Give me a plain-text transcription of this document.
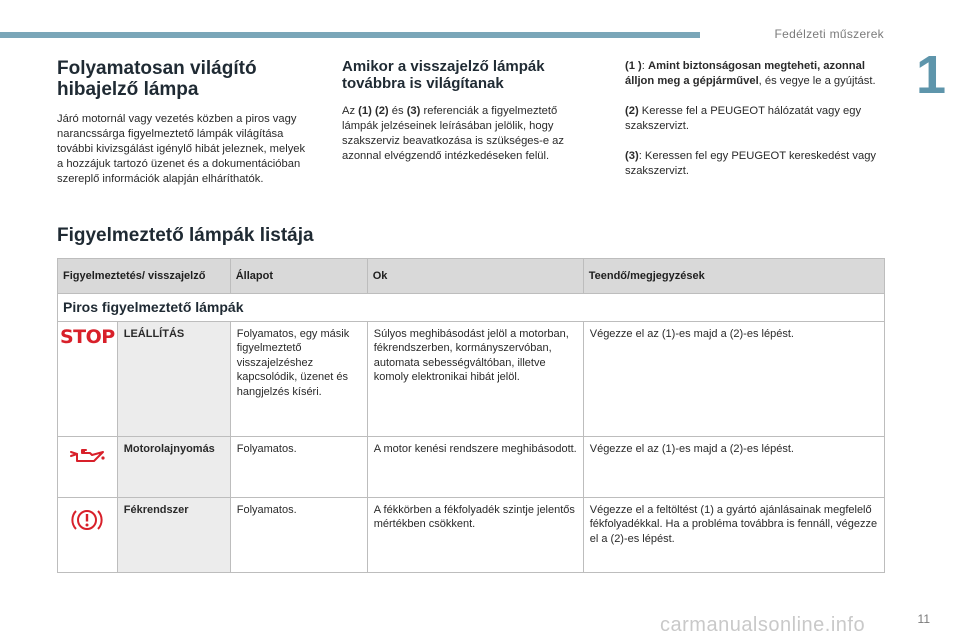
Fedélzeti műszerek
1
Folyamatosan világító
hibajelző lámpa

Járó motornál vagy vezetés közben a piros vagy narancssárga figyelmeztető lámpák világítása további kivizsgálást igénylő hibát jeleznek, melyek a hozzájuk tartozó üzenet és a dokumentációban szereplő információk alapján elháríthatók.

Amikor a visszajelző lámpák
továbbra is világítanak

Az (1) (2) és (3) referenciák a figyelmeztető lámpák jelzéseinek leírásában jelölik, hogy szakszerviz beavatkozása is szükséges-e az azonnal elvégzendő intézkedéseken felül.

(1 ): Amint biztonságosan megteheti, azonnal álljon meg a gépjárművel, és vegye le a gyújtást.

(2) Keresse fel a PEUGEOT hálózatát vagy egy szakszervizt.

(3): Keressen fel egy PEUGEOT kereskedést vagy szakszervizt.

Figyelmeztető lámpák listája
Figyelmeztetés/ visszajelző		Állapot	Ok	Teendő/megjegyzések
Piros figyelmeztető lámpák				
STOP	LEÁLLÍTÁS	Folyamatos, egy másik figyelmeztető visszajelzéshez kapcsolódik, üzenet és hangjelzés kíséri.	Súlyos meghibásodást jelöl a motorban, fékrendszerben, kormányszervóban, automata sebességváltóban, illetve komoly elektronikai hibát jelöl.	Végezze el az (1)-es majd a (2)-es lépést.
	Motorolajnyomás	Folyamatos.	A motor kenési rendszere meghibásodott.	Végezze el az (1)-es majd a (2)-es lépést.
	Fékrendszer	Folyamatos.	A fékkörben a fékfolyadék szintje jelentős mértékben csökkent.	Végezze el a feltöltést (1) a gyártó ajánlásainak megfelelő fékfolyadékkal. Ha a probléma továbbra is fennáll, végezze el a (2)-es lépést.
carmanualsonline.info	11
